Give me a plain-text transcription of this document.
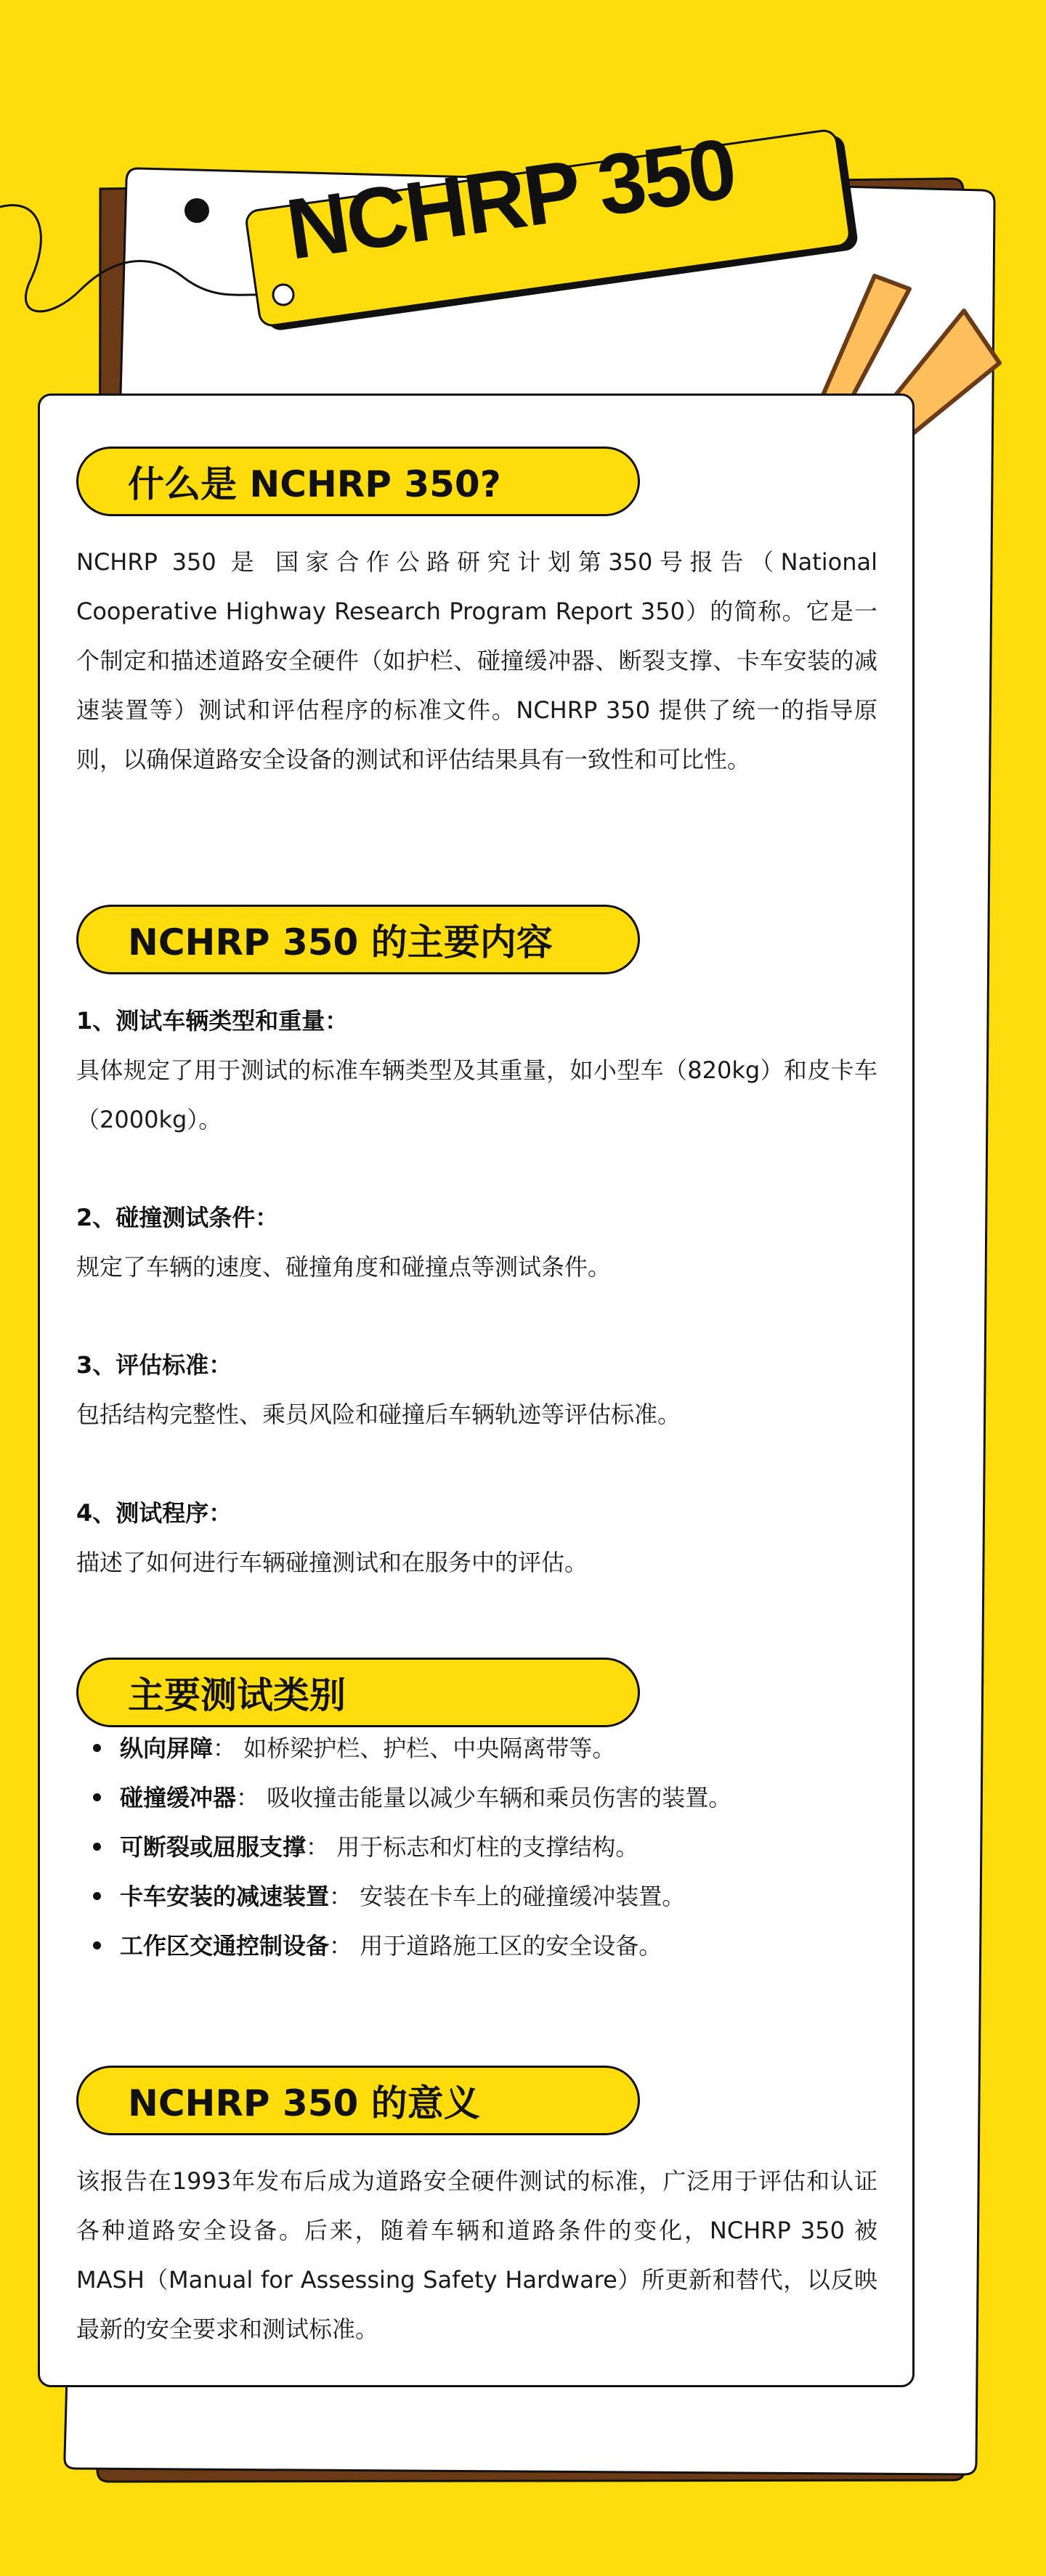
NCHRP 350
什么是 NCHRP 350?

NCHRP 350 是 国家合作公路研究计划第350号报告（National Cooperative Highway Research Program Report 350）的简称。它是一个制定和描述道路安全硬件（如护栏、碰撞缓冲器、断裂支撑、卡车安装的减速装置等）测试和评估程序的标准文件。NCHRP 350 提供了统一的指导原则，以确保道路安全设备的测试和评估结果具有一致性和可比性。

NCHRP 350 的主要内容
1、测试车辆类型和重量：

具体规定了用于测试的标准车辆类型及其重量，如小型车（820kg）和皮卡车（2000kg）。

2、碰撞测试条件：

规定了车辆的速度、碰撞角度和碰撞点等测试条件。

3、评估标准：

包括结构完整性、乘员风险和碰撞后车辆轨迹等评估标准。

4、测试程序：

描述了如何进行车辆碰撞测试和在服务中的评估。

主要测试类别
纵向屏障： 如桥梁护栏、护栏、中央隔离带等。
碰撞缓冲器： 吸收撞击能量以减少车辆和乘员伤害的装置。
可断裂或屈服支撑： 用于标志和灯柱的支撑结构。
卡车安装的减速装置： 安装在卡车上的碰撞缓冲装置。
工作区交通控制设备： 用于道路施工区的安全设备。
NCHRP 350 的意义

该报告在1993年发布后成为道路安全硬件测试的标准，广泛用于评估和认证各种道路安全设备。后来，随着车辆和道路条件的变化，NCHRP 350 被 MASH（Manual for Assessing Safety Hardware）所更新和替代，以反映最新的安全要求和测试标准。
